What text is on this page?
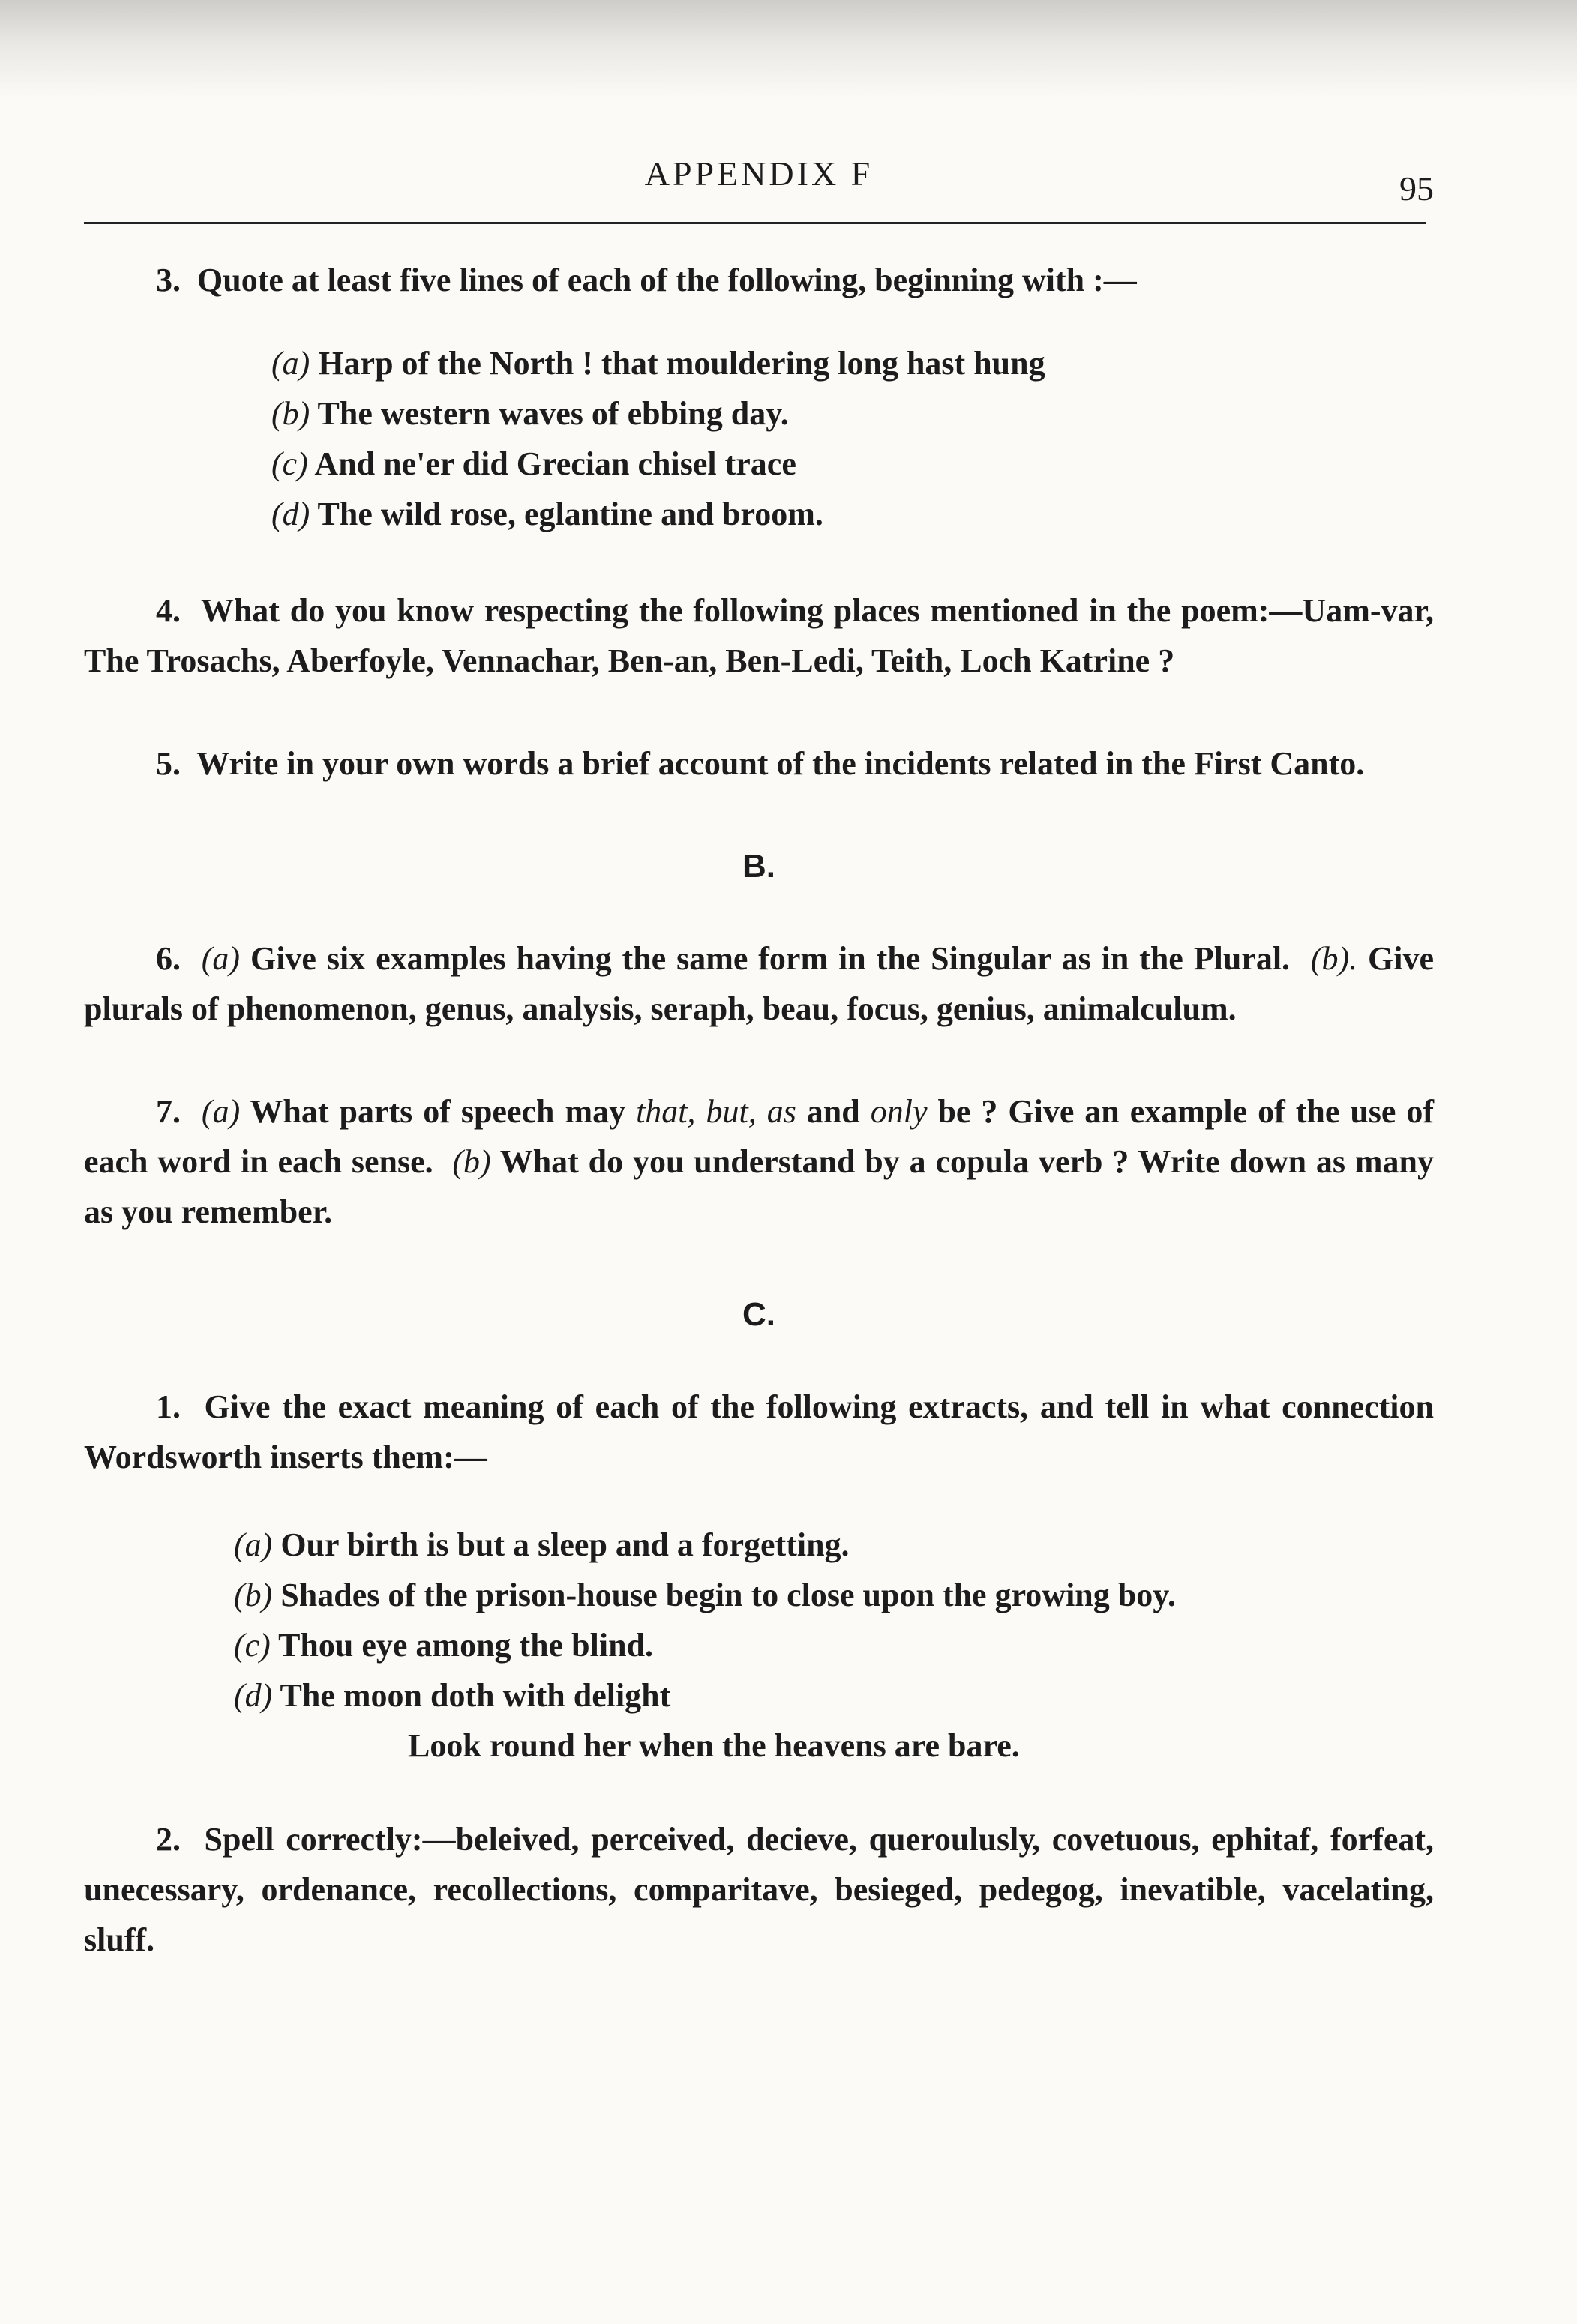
APPENDIX F	95

3. Quote at least five lines of each of the following, beginning with :—

(a) Harp of the North ! that mouldering long hast hung
(b) The western waves of ebbing day.
(c) And ne'er did Grecian chisel trace
(d) The wild rose, eglantine and broom.

4. What do you know respecting the following places mentioned in the poem:—Uam-var, The Trosachs, Aberfoyle, Vennachar, Ben-an, Ben-Ledi, Teith, Loch Katrine ?

5. Write in your own words a brief account of the incidents related in the First Canto.

B.

6. (a) Give six examples having the same form in the Singular as in the Plural. (b). Give plurals of phenomenon, genus, analysis, seraph, beau, focus, genius, animalculum.

7. (a) What parts of speech may that, but, as and only be ? Give an example of the use of each word in each sense. (b) What do you understand by a copula verb ? Write down as many as you remember.

C.

1. Give the exact meaning of each of the following extracts, and tell in what connection Wordsworth inserts them:—

(a) Our birth is but a sleep and a forgetting.
(b) Shades of the prison-house begin to close upon the growing boy.
(c) Thou eye among the blind.
(d) The moon doth with delight
Look round her when the heavens are bare.

2. Spell correctly:—beleived, perceived, decieve, querouluslу, covetuous, ephitaf, forfeat, unecessary, ordenance, recollections, comparitave, besieged, pedegog, inevatible, vacelating, sluff.
